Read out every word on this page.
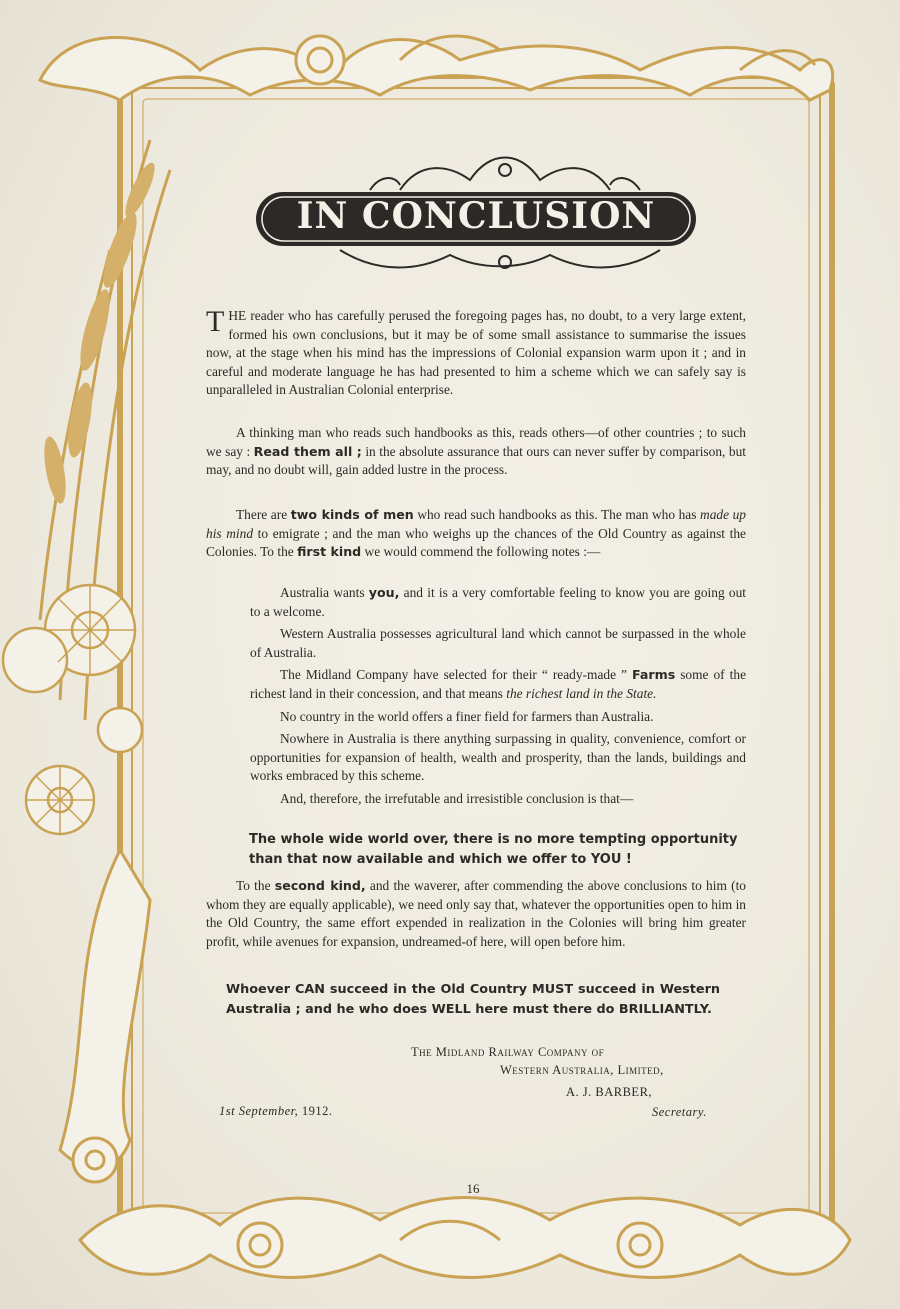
IN CONCLUSION

THE reader who has carefully perused the foregoing pages has, no doubt, to a very large extent, formed his own conclusions, but it may be of some small assistance to summarise the issues now, at the stage when his mind has the impressions of Colonial expansion warm upon it ; and in careful and moderate language he has had presented to him a scheme which we can safely say is unparalleled in Australian Colonial enterprise.

A thinking man who reads such handbooks as this, reads others—of other countries ; to such we say : Read them all ; in the absolute assurance that ours can never suffer by comparison, but may, and no doubt will, gain added lustre in the process.

There are two kinds of men who read such handbooks as this. The man who has made up his mind to emigrate ; and the man who weighs up the chances of the Old Country as against the Colonies. To the first kind we would commend the following notes :—

Australia wants you, and it is a very comfortable feeling to know you are going out to a welcome.

Western Australia possesses agricultural land which cannot be surpassed in the whole of Australia.

The Midland Company have selected for their “ ready-made ” Farms some of the richest land in their concession, and that means the richest land in the State.

No country in the world offers a finer field for farmers than Australia.

Nowhere in Australia is there anything surpassing in quality, convenience, comfort or opportunities for expansion of health, wealth and prosperity, than the lands, buildings and works embraced by this scheme.

And, therefore, the irrefutable and irresistible conclusion is that—

The whole wide world over, there is no more tempting opportunity than that now available and which we offer to YOU !

To the second kind, and the waverer, after commending the above conclusions to him (to whom they are equally applicable), we need only say that, whatever the opportunities open to him in the Old Country, the same effort expended in realization in the Colonies will bring him greater profit, while avenues for expansion, undreamed-of here, will open before him.

Whoever CAN succeed in the Old Country MUST succeed in Western Australia ; and he who does WELL here must there do BRILLIANTLY.
The Midland Railway Company of
Western Australia, Limited,
A. J. BARBER,
Secretary.
1st September, 1912.
16
